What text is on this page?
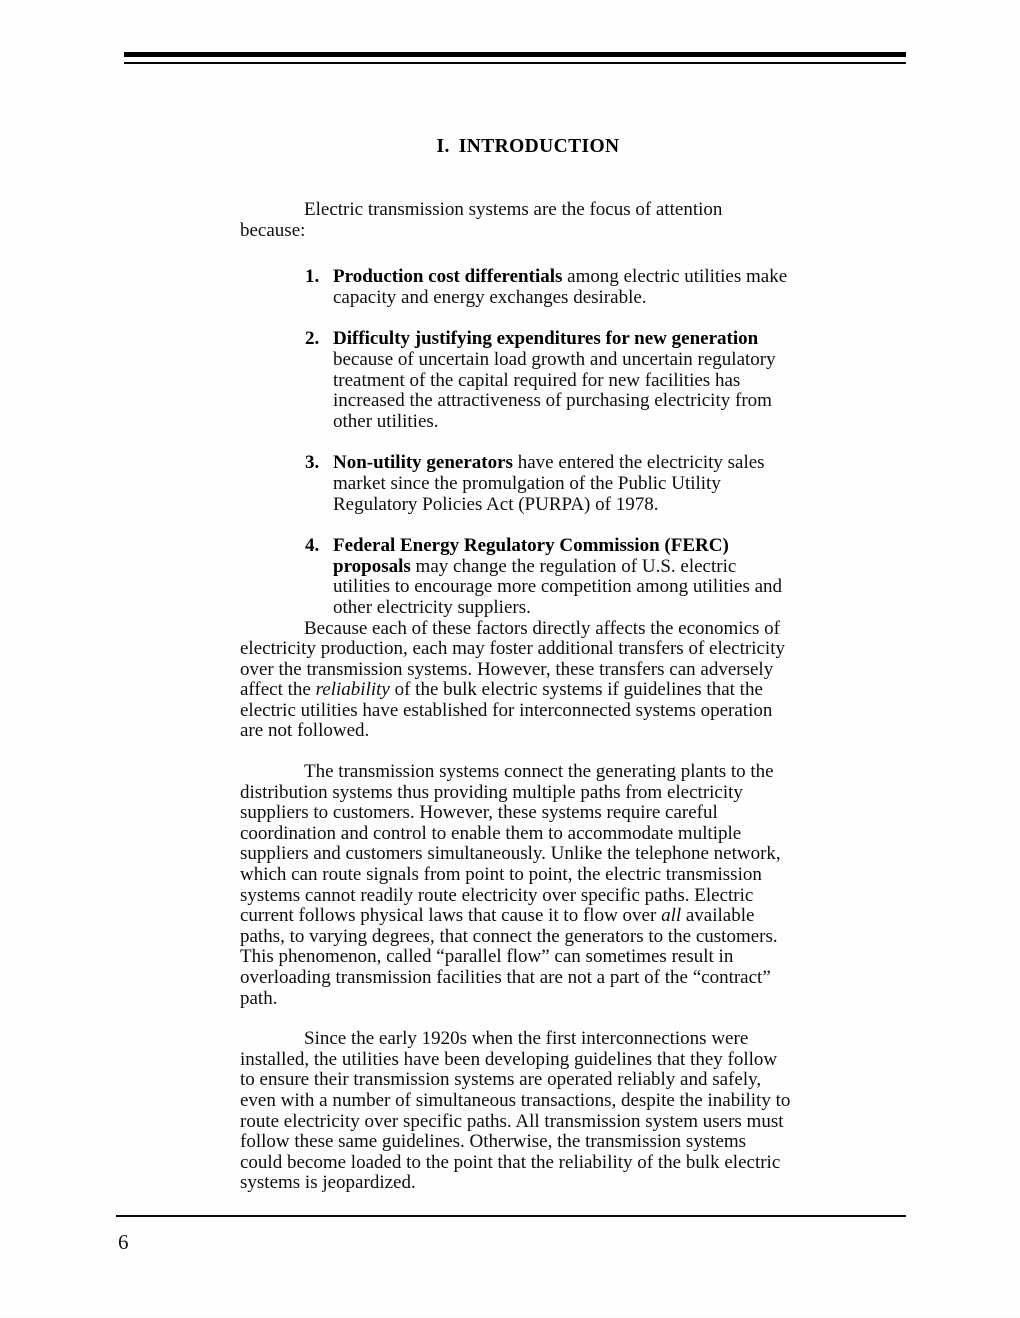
I. INTRODUCTION

Electric transmission systems are the focus of attention because:

1. Production cost differentials among electric utilities make capacity and energy exchanges desirable.
2. Difficulty justifying expenditures for new generation because of uncertain load growth and uncertain regulatory treatment of the capital required for new facilities has increased the attractiveness of purchasing electricity from other utilities.
3. Non-utility generators have entered the electricity sales market since the promulgation of the Public Utility Regulatory Policies Act (PURPA) of 1978.
4. Federal Energy Regulatory Commission (FERC) proposals may change the regulation of U.S. electric utilities to encourage more competition among utilities and other electricity suppliers.

Because each of these factors directly affects the economics of electricity production, each may foster additional transfers of electricity over the transmission systems. However, these transfers can adversely affect the reliability of the bulk electric systems if guidelines that the electric utilities have established for interconnected systems operation are not followed.

The transmission systems connect the generating plants to the distribution systems thus providing multiple paths from electricity suppliers to customers. However, these systems require careful coordination and control to enable them to accommodate multiple suppliers and customers simultaneously. Unlike the telephone network, which can route signals from point to point, the electric transmission systems cannot readily route electricity over specific paths. Electric current follows physical laws that cause it to flow over all available paths, to varying degrees, that connect the generators to the customers. This phenomenon, called “parallel flow” can sometimes result in overloading transmission facilities that are not a part of the “contract” path.

Since the early 1920s when the first interconnections were installed, the utilities have been developing guidelines that they follow to ensure their transmission systems are operated reliably and safely, even with a number of simultaneous transactions, despite the inability to route electricity over specific paths. All transmission system users must follow these same guidelines. Otherwise, the transmission systems could become loaded to the point that the reliability of the bulk electric systems is jeopardized.

6
